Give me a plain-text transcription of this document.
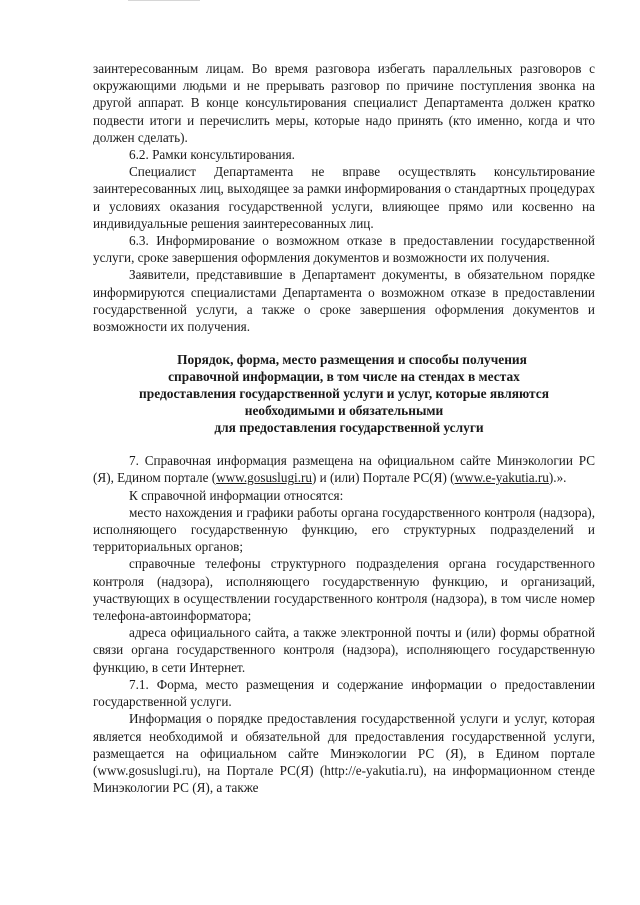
заинтересованным лицам. Во время разговора избегать параллельных разговоров с окружающими людьми и не прерывать разговор по причине поступления звонка на другой аппарат. В конце консультирования специалист Департамента должен кратко подвести итоги и перечислить меры, которые надо принять (кто именно, когда и что должен сделать).

6.2. Рамки консультирования.

Специалист Департамента не вправе осуществлять консультирование заинтересованных лиц, выходящее за рамки информирования о стандартных процедурах и условиях оказания государственной услуги, влияющее прямо или косвенно на индивидуальные решения заинтересованных лиц.

6.3. Информирование о возможном отказе в предоставлении государственной услуги, сроке завершения оформления документов и возможности их получения.

Заявители, представившие в Департамент документы, в обязательном порядке информируются специалистами Департамента о возможном отказе в предоставлении государственной услуги, а также о сроке завершения оформления документов и возможности их получения.

Порядок, форма, место размещения и способы получения
справочной информации, в том числе на стендах в местах
предоставления государственной услуги и услуг, которые являются
необходимыми и обязательными
для предоставления государственной услуги

7. Справочная информация размещена на официальном сайте Минэкологии РС (Я), Едином портале (www.gosuslugi.ru) и (или) Портале РС(Я) (www.e-yakutia.ru).».

К справочной информации относятся:

место нахождения и графики работы органа государственного контроля (надзора), исполняющего государственную функцию, его структурных подразделений и территориальных органов;

справочные телефоны структурного подразделения органа государственного контроля (надзора), исполняющего государственную функцию, и организаций, участвующих в осуществлении государственного контроля (надзора), в том числе номер телефона-автоинформатора;

адреса официального сайта, а также электронной почты и (или) формы обратной связи органа государственного контроля (надзора), исполняющего государственную функцию, в сети Интернет.

7.1. Форма, место размещения и содержание информации о предоставлении государственной услуги.

Информация о порядке предоставления государственной услуги и услуг, которая является необходимой и обязательной для предоставления государственной услуги, размещается на официальном сайте Минэкологии РС (Я), в Едином портале (www.gosuslugi.ru), на Портале РС(Я) (http://e-yakutia.ru), на информационном стенде Минэкологии РС (Я), а также
